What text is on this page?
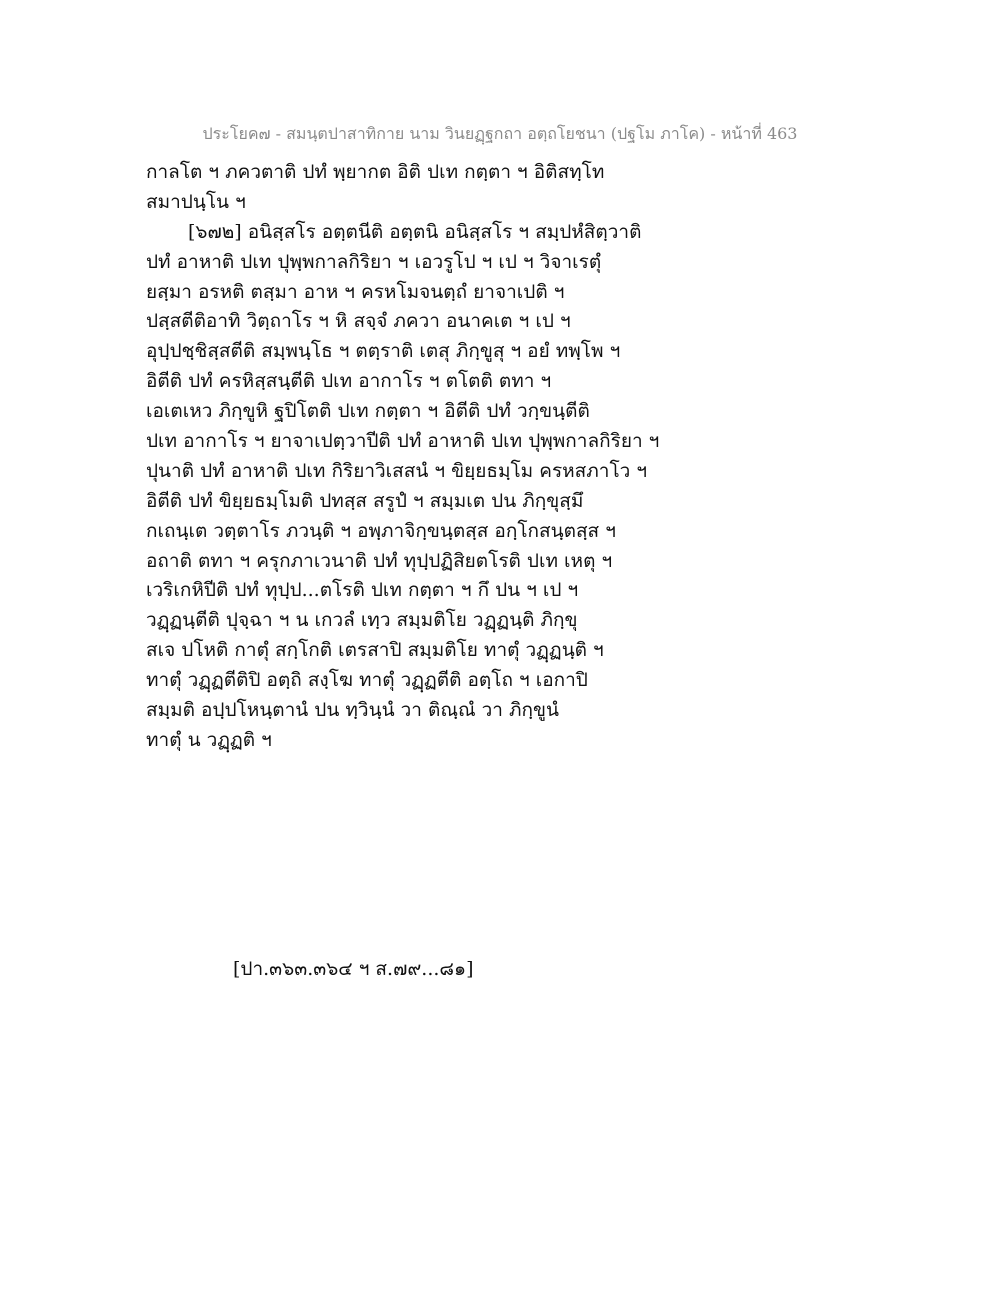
ประโยค๗ - สมนฺตปาสาทิกาย นาม วินยฏฺฐกถา อตฺถโยชนา (ปฐโม ภาโค) - หน้าที่ 463
กาลโต ฯ ภควตาติ ปทํ พฺยากต อิติ ปเท กตฺตา ฯ อิติสทฺโท
สมาปนฺโน ฯ
[๖๗๒] อนิสฺสโร อตฺตนีติ อตฺตนิ อนิสฺสโร ฯ สมฺปหํสิตฺวาติ
ปทํ อาหาติ ปเท ปุพฺพกาลกิริยา ฯ เอวรูโป ฯ เป ฯ วิจาเรตุํ
ยสฺมา อรหติ ตสฺมา อาห ฯ ครหโมจนตฺถํ ยาจาเปติ ฯ
ปสฺสตีติอาทิ วิตฺถาโร ฯ หิ สจฺจํ ภควา อนาคเต ฯ เป ฯ
อุปฺปชฺชิสฺสตีติ สมฺพนฺโธ ฯ ตตฺราติ เตสุ ภิกฺขูสุ ฯ อยํ ทพฺโพ ฯ
อิตีติ ปทํ ครหิสฺสนฺตีติ ปเท อากาโร ฯ ตโตติ ตทา ฯ
เอเตเหว ภิกฺขูหิ ฐปิโตติ ปเท กตฺตา ฯ อิตีติ ปทํ วกฺขนฺตีติ
ปเท อากาโร ฯ ยาจาเปตฺวาปีติ ปทํ อาหาติ ปเท ปุพฺพกาลกิริยา ฯ
ปุนาติ ปทํ อาหาติ ปเท กิริยาวิเสสนํ ฯ ขิยฺยธมฺโม ครหสภาโว ฯ
อิตีติ ปทํ ขิยฺยธมฺโมติ ปทสฺส สรูปํ ฯ สมฺมเต ปน ภิกฺขุสฺมึ
กเถนฺเต วตฺตาโร ภวนฺติ ฯ อพฺภาจิกฺขนฺตสฺส อกฺโกสนฺตสฺส ฯ
อถาติ ตทา ฯ ครุกภาเวนาติ ปทํ ทุปฺปฏิสิยตโรติ ปเท เหตุ ฯ
เวริเกหิปีติ ปทํ ทุปฺป...ตโรติ ปเท กตฺตา ฯ กึ ปน ฯ เป ฯ
วฏฺฏนฺตีติ ปุจฺฉา ฯ น เกวลํ เทฺว สมฺมติโย วฏฺฏนฺติ ภิกฺขุ
สเจ ปโหติ กาตุํ สกฺโกติ เตรสาปิ สมฺมติโย ทาตุํ วฏฺฏนฺติ ฯ
ทาตุํ วฏฺฏตีติปิ อตฺถิ สงฺโฆ ทาตุํ วฏฺฏตีติ อตฺโถ ฯ เอกาปิ
สมฺมติ อปฺปโหนฺตานํ ปน ทฺวินฺนํ วา ติณฺณํ วา ภิกฺขูนํ
ทาตุํ น วฏฺฏติ ฯ
[ปา.๓๖๓.๓๖๔ ฯ ส.๗๙...๘๑]
